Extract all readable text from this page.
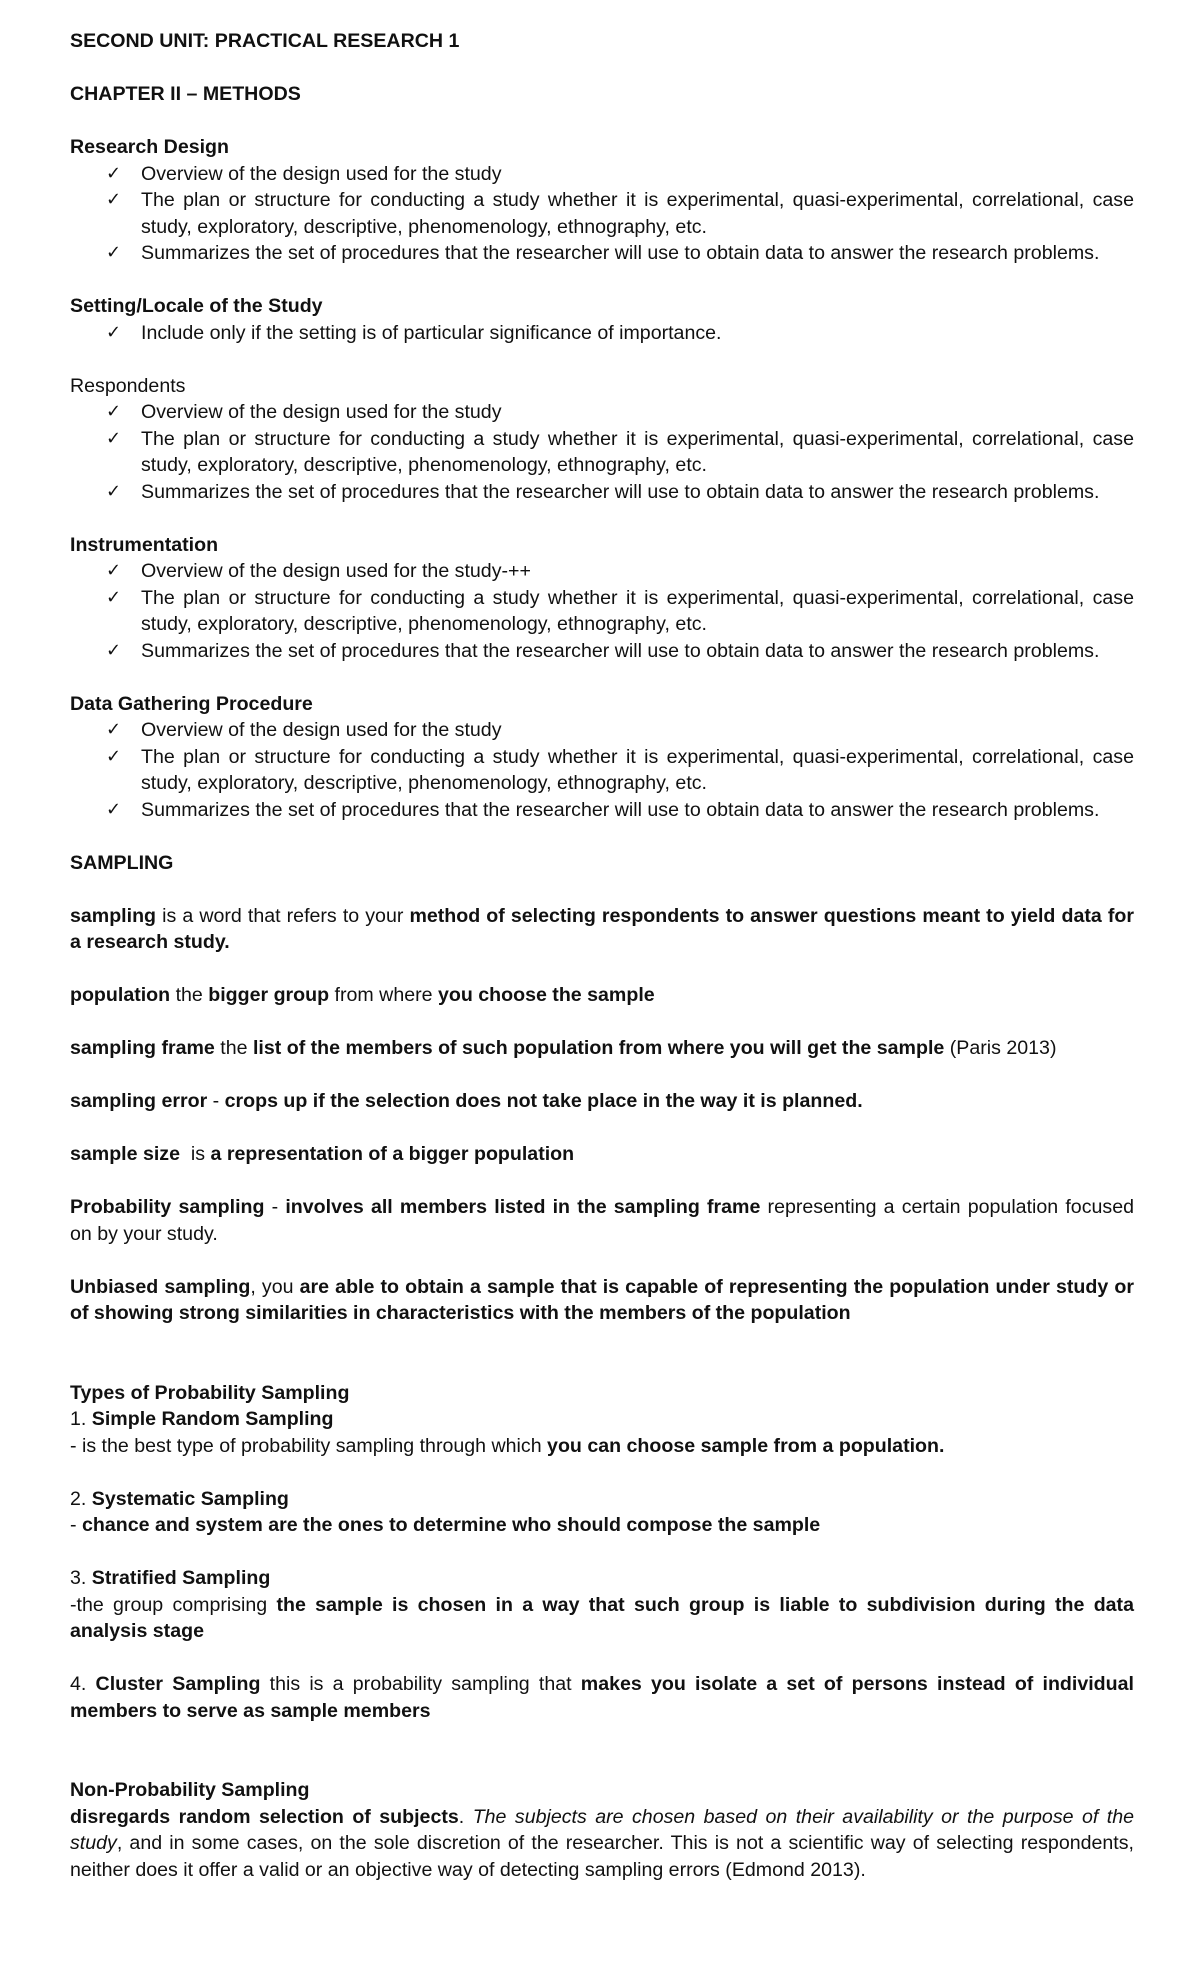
SECOND UNIT: PRACTICAL RESEARCH 1

CHAPTER II – METHODS

Research Design

✓ Overview of the design used for the study
✓ The plan or structure for conducting a study whether it is experimental, quasi-experimental, correlational, case study, exploratory, descriptive, phenomenology, ethnography, etc.
✓ Summarizes the set of procedures that the researcher will use to obtain data to answer the research problems.

Setting/Locale of the Study

✓ Include only if the setting is of particular significance of importance.

Respondents

✓ Overview of the design used for the study
✓ The plan or structure for conducting a study whether it is experimental, quasi-experimental, correlational, case study, exploratory, descriptive, phenomenology, ethnography, etc.
✓ Summarizes the set of procedures that the researcher will use to obtain data to answer the research problems.

Instrumentation

✓ Overview of the design used for the study-++
✓ The plan or structure for conducting a study whether it is experimental, quasi-experimental, correlational, case study, exploratory, descriptive, phenomenology, ethnography, etc.
✓ Summarizes the set of procedures that the researcher will use to obtain data to answer the research problems.

Data Gathering Procedure

✓ Overview of the design used for the study
✓ The plan or structure for conducting a study whether it is experimental, quasi-experimental, correlational, case study, exploratory, descriptive, phenomenology, ethnography, etc.
✓ Summarizes the set of procedures that the researcher will use to obtain data to answer the research problems.

SAMPLING

sampling is a word that refers to your method of selecting respondents to answer questions meant to yield data for a research study.

population the bigger group from where you choose the sample

sampling frame the list of the members of such population from where you will get the sample (Paris 2013)

sampling error - crops up if the selection does not take place in the way it is planned.

sample size  is a representation of a bigger population

Probability sampling - involves all members listed in the sampling frame representing a certain population focused on by your study.

Unbiased sampling, you are able to obtain a sample that is capable of representing the population under study or of showing strong similarities in characteristics with the members of the population

Types of Probability Sampling

1. Simple Random Sampling

- is the best type of probability sampling through which you can choose sample from a population.

2. Systematic Sampling

- chance and system are the ones to determine who should compose the sample

3. Stratified Sampling

-the group comprising the sample is chosen in a way that such group is liable to subdivision during the data analysis stage

4. Cluster Sampling this is a probability sampling that makes you isolate a set of persons instead of individual members to serve as sample members

Non-Probability Sampling

disregards random selection of subjects. The subjects are chosen based on their availability or the purpose of the study, and in some cases, on the sole discretion of the researcher. This is not a scientific way of selecting respondents, neither does it offer a valid or an objective way of detecting sampling errors (Edmond 2013).
